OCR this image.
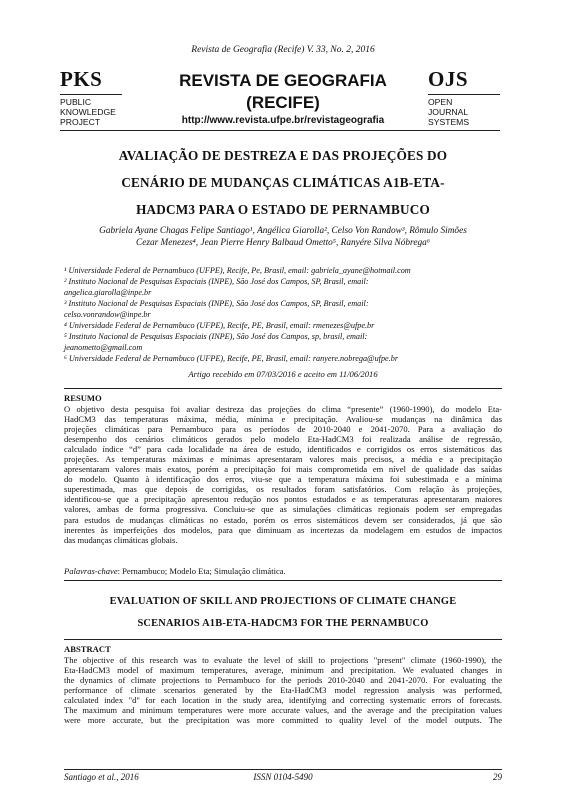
Revista de Geografia (Recife) V. 33, No. 2, 2016
PKS
PUBLIC
KNOWLEDGE
PROJECT
REVISTA DE GEOGRAFIA
(RECIFE)
http://www.revista.ufpe.br/revistageografia
OJS
OPEN
JOURNAL
SYSTEMS
AVALIAÇÃO DE DESTREZA E DAS PROJEÇÕES DO
CENÁRIO DE MUDANÇAS CLIMÁTICAS A1B-ETA-
HADCM3 PARA O ESTADO DE PERNAMBUCO
Gabriela Ayane Chagas Felipe Santiago¹, Angélica Giarolla², Celso Von Randow³, Rômulo Simões
Cezar Menezes⁴, Jean Pierre Henry Balbaud Ometto⁵, Ranyére Silva Nóbrega⁶
¹ Universidade Federal de Pernambuco (UFPE), Recife, Pe, Brasil, email: gabriela_ayane@hotmail.com
² Instituto Nacional de Pesquisas Espaciais (INPE), São José dos Campos, SP, Brasil, email:
angelica.giarolla@inpe.br
³ Instituto Nacional de Pesquisas Espaciais (INPE), São José dos Campos, SP, Brasil, email:
celso.vonrandow@inpe.br
⁴ Universidade Federal de Pernambuco (UFPE), Recife, PE, Brasil, email: rmenezes@ufpe.br
⁵ Instituto Nacional de Pesquisas Espaciais (INPE), São José dos Campos, sp, brasil, email:
jeanometto@gmail.com
⁶ Universidade Federal de Pernambuco (UFPE), Recife, PE, Brasil, email: ranyere.nobrega@ufpe.br
Artigo recebido em 07/03/2016 e aceito em 11/06/2016
RESUMO
O objetivo desta pesquisa foi avaliar destreza das projeções do clima “presente” (1960-1990), do modelo Eta-
HadCM3 das temperaturas máxima, média, mínima e precipitação. Avaliou-se mudanças na dinâmica das
projeções climáticas para Pernambuco para os períodos de 2010-2040 e 2041-2070. Para a avaliação do
desempenho dos cenários climáticos gerados pelo modelo Eta-HadCM3 foi realizada análise de regressão,
calculado índice “d” para cada localidade na área de estudo, identificados e corrigidos os erros sistemáticos das
projeções. As temperaturas máximas e mínimas apresentaram valores mais precisos, a média e a precipitação
apresentaram valores mais exatos, porém a precipitação foi mais comprometida em nível de qualidade das saídas
do modelo. Quanto à identificação dos erros, viu-se que a temperatura máxima foi subestimada e a mínima
superestimada, mas que depois de corrigidas, os resultados foram satisfatórios. Com relação às projeções,
identificou-se que a precipitação apresentou redução nos pontos estudados e as temperaturas apresentaram maiores
valores, ambas de forma progressiva. Concluiu-se que as simulações climáticas regionais podem ser empregadas
para estudos de mudanças climáticas no estado, porém os erros sistemáticos devem ser considerados, já que são
inerentes às imperfeições dos modelos, para que diminuam as incertezas da modelagem em estudos de impactos
das mudanças climáticas globais.
Palavras-chave: Pernambuco; Modelo Eta; Simulação climática.
EVALUATION OF SKILL AND PROJECTIONS OF CLIMATE CHANGE
SCENARIOS A1B-ETA-HADCM3 FOR THE PERNAMBUCO
ABSTRACT
The objective of this research was to evaluate the level of skill to projections "present" climate (1960-1990), the
Eta-HadCM3 model of maximum temperatures, average, minimum and precipitation. We evaluated changes in
the dynamics of climate projections to Pernambuco for the periods 2010-2040 and 2041-2070. For evaluating the
performance of climate scenarios generated by the Eta-HadCM3 model regression analysis was performed,
calculated index "d" for each location in the study area, identifying and correcting systematic errors of forecasts.
The maximum and minimum temperatures were more accurate values, and the average and the precipitation values
were more accurate, but the precipitation was more committed to quality level of the model outputs. The
Santiago et al., 2016	ISSN 0104-5490	29
